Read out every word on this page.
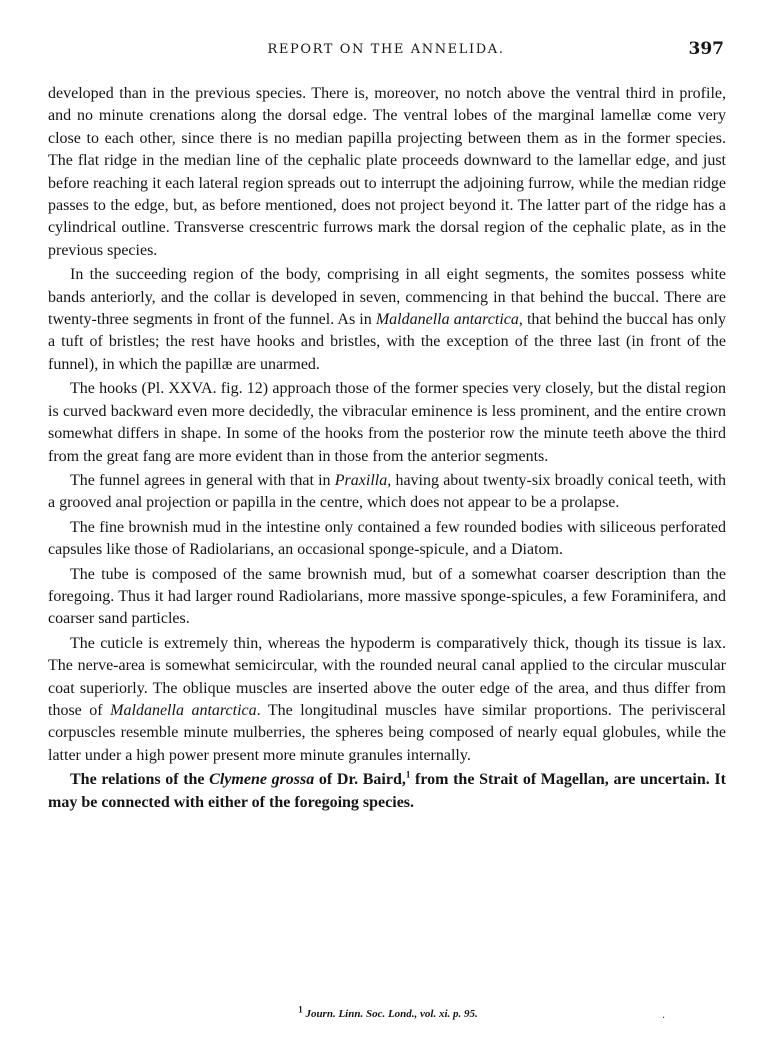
REPORT ON THE ANNELIDA.	397

developed than in the previous species. There is, moreover, no notch above the ventral third in profile, and no minute crenations along the dorsal edge. The ventral lobes of the marginal lamellæ come very close to each other, since there is no median papilla projecting between them as in the former species. The flat ridge in the median line of the cephalic plate proceeds downward to the lamellar edge, and just before reaching it each lateral region spreads out to interrupt the adjoining furrow, while the median ridge passes to the edge, but, as before mentioned, does not project beyond it. The latter part of the ridge has a cylindrical outline. Transverse crescentric furrows mark the dorsal region of the cephalic plate, as in the previous species.

In the succeeding region of the body, comprising in all eight segments, the somites possess white bands anteriorly, and the collar is developed in seven, commencing in that behind the buccal. There are twenty-three segments in front of the funnel. As in Maldanella antarctica, that behind the buccal has only a tuft of bristles; the rest have hooks and bristles, with the exception of the three last (in front of the funnel), in which the papillæ are unarmed.

The hooks (Pl. XXVA. fig. 12) approach those of the former species very closely, but the distal region is curved backward even more decidedly, the vibracular eminence is less prominent, and the entire crown somewhat differs in shape. In some of the hooks from the posterior row the minute teeth above the third from the great fang are more evident than in those from the anterior segments.

The funnel agrees in general with that in Praxilla, having about twenty-six broadly conical teeth, with a grooved anal projection or papilla in the centre, which does not appear to be a prolapse.

The fine brownish mud in the intestine only contained a few rounded bodies with siliceous perforated capsules like those of Radiolarians, an occasional sponge-spicule, and a Diatom.

The tube is composed of the same brownish mud, but of a somewhat coarser description than the foregoing. Thus it had larger round Radiolarians, more massive sponge-spicules, a few Foraminifera, and coarser sand particles.

The cuticle is extremely thin, whereas the hypoderm is comparatively thick, though its tissue is lax. The nerve-area is somewhat semicircular, with the rounded neural canal applied to the circular muscular coat superiorly. The oblique muscles are inserted above the outer edge of the area, and thus differ from those of Maldanella antarctica. The longitudinal muscles have similar proportions. The perivisceral corpuscles resemble minute mulberries, the spheres being composed of nearly equal globules, while the latter under a high power present more minute granules internally.

The relations of the Clymene grossa of Dr. Baird,$^1$ from the Strait of Magellan, are uncertain. It may be connected with either of the foregoing species.

$^1$ Journ. Linn. Soc. Lond., vol. xi. p. 95.	.
